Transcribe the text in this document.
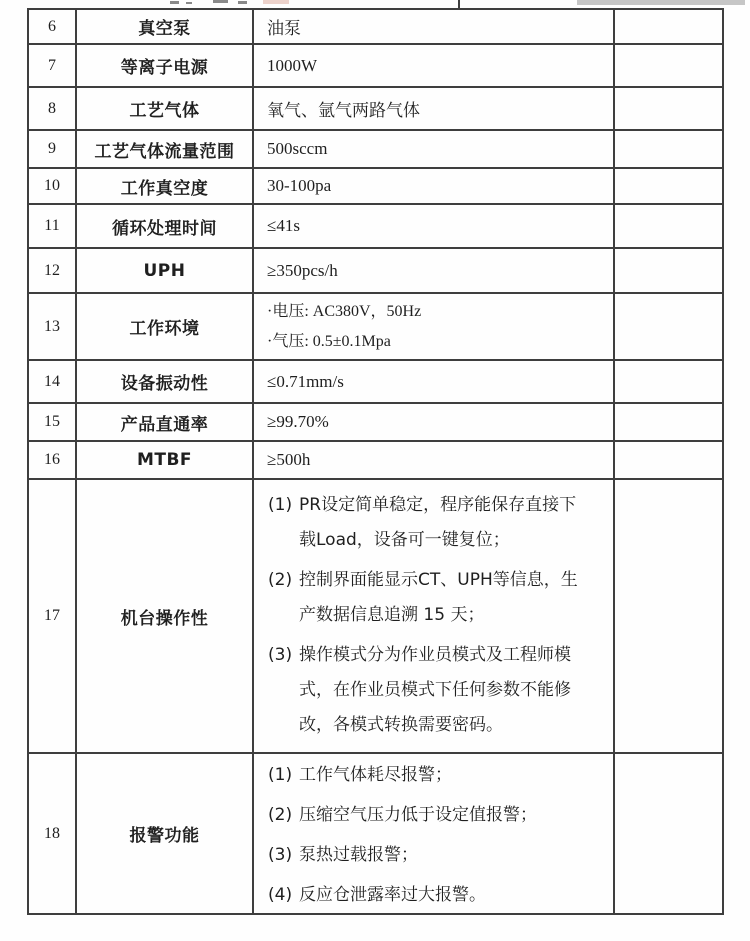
6	真空泵	油泵	
7	等离子电源	1000W	
8	工艺气体	氧气、氩气两路气体	
9	工艺气体流量范围	500sccm	
10	工作真空度	30-100pa	
11	循环处理时间	≤41s	
12	UPH	≥350pcs/h	
13	工作环境	·电压: AC380V，50Hz
·气压: 0.5±0.1Mpa	

14	设备振动性	≤0.71mm/s	
15	产品直通率	≥99.70%	
16	MTBF	≥500h	
17	机台操作性	
(1) PR设定简单稳定，程序能保存直接下载Load，设备可一键复位；
(2) 控制界面能显示CT、UPH等信息，生产数据信息追溯 15 天；
(3) 操作模式分为作业员模式及工程师模式，在作业员模式下任何参数不能修改，各模式转换需要密码。

18	报警功能	
(1) 工作气体耗尽报警；
(2) 压缩空气压力低于设定值报警；
(3) 泵热过载报警；
(4) 反应仓泄露率过大报警。
